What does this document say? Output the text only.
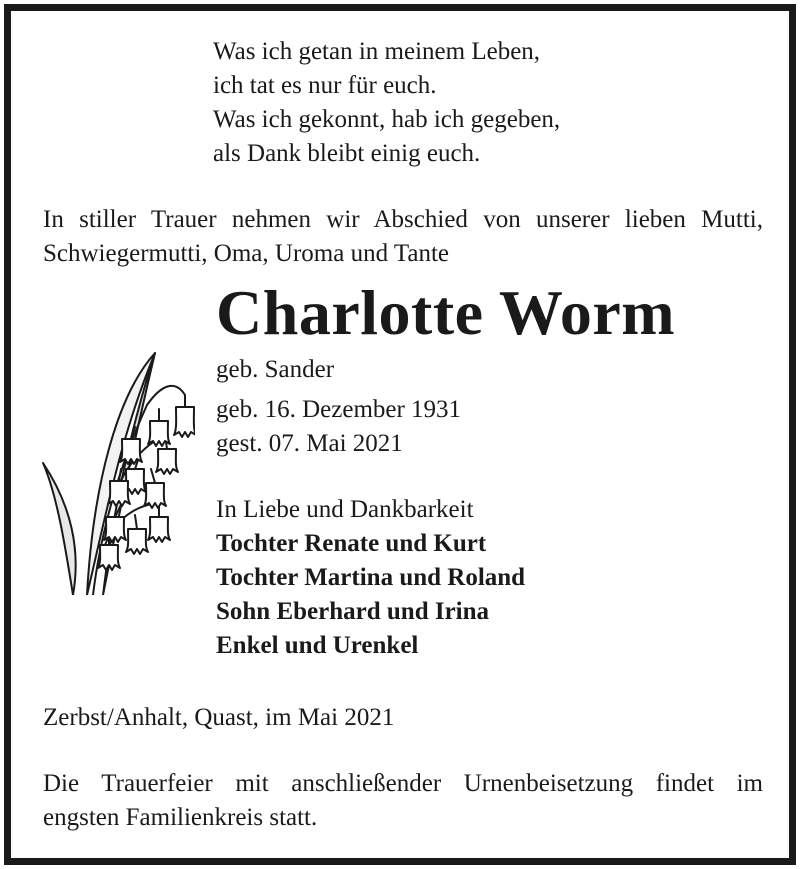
Was ich getan in meinem Leben,
ich tat es nur für euch.
Was ich gekonnt, hab ich gegeben,
als Dank bleibt einig euch.
In stiller Trauer nehmen wir Abschied von unserer lieben Mutti,
Schwiegermutti, Oma, Uroma und Tante
Charlotte Worm
geb. Sander
geb. 16. Dezember 1931
gest. 07. Mai 2021
In Liebe und Dankbarkeit
Tochter Renate und Kurt
Tochter Martina und Roland
Sohn Eberhard und Irina
Enkel und Urenkel
Zerbst/Anhalt, Quast, im Mai 2021
Die Trauerfeier mit anschließender Urnenbeisetzung findet im
engsten Familienkreis statt.
